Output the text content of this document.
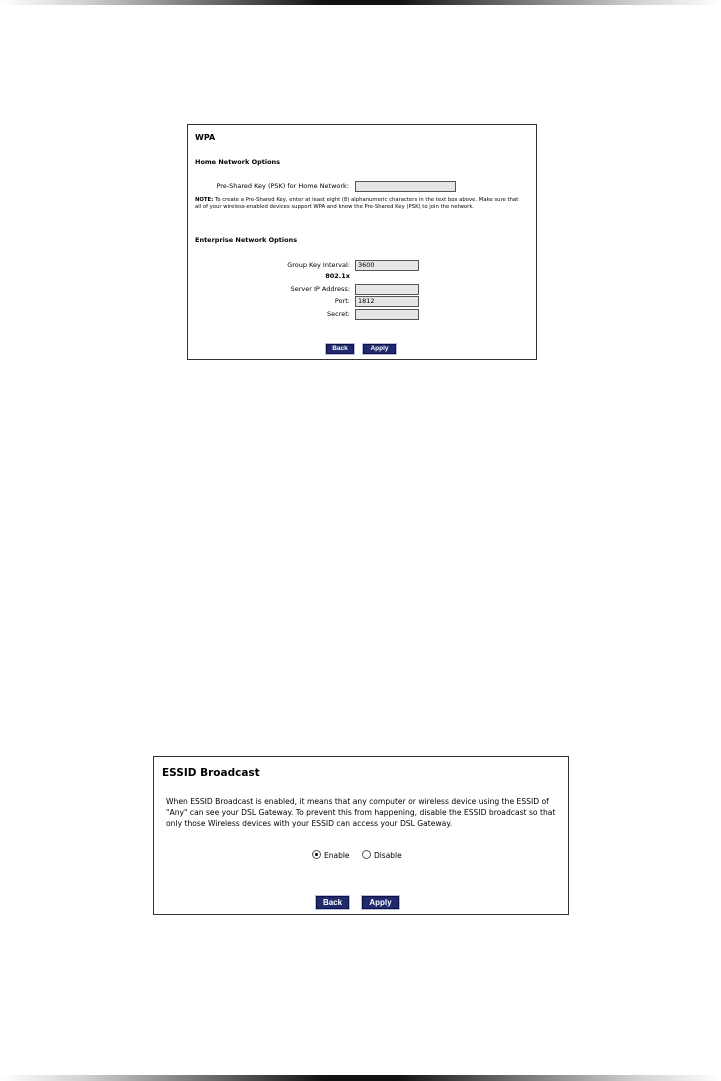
WPA
Home Network Options
Pre-Shared Key (PSK) for Home Network:
NOTE: To create a Pre-Shared Key, enter at least eight (8) alphanumeric characters in the text box above. Make sure that all of your wireless-enabled devices support WPA and know the Pre-Shared Key (PSK) to join the network.
Enterprise Network Options
Group Key Interval:	3600
802.1x
Server IP Address:
Port:	1812
Secret:
Back	Apply
ESSID Broadcast
When ESSID Broadcast is enabled, it means that any computer or wireless device using the ESSID of "Any" can see your DSL Gateway. To prevent this from happening, disable the ESSID broadcast so that only those Wireless devices with your ESSID can access your DSL Gateway.
Enable	Disable
Back	Apply
